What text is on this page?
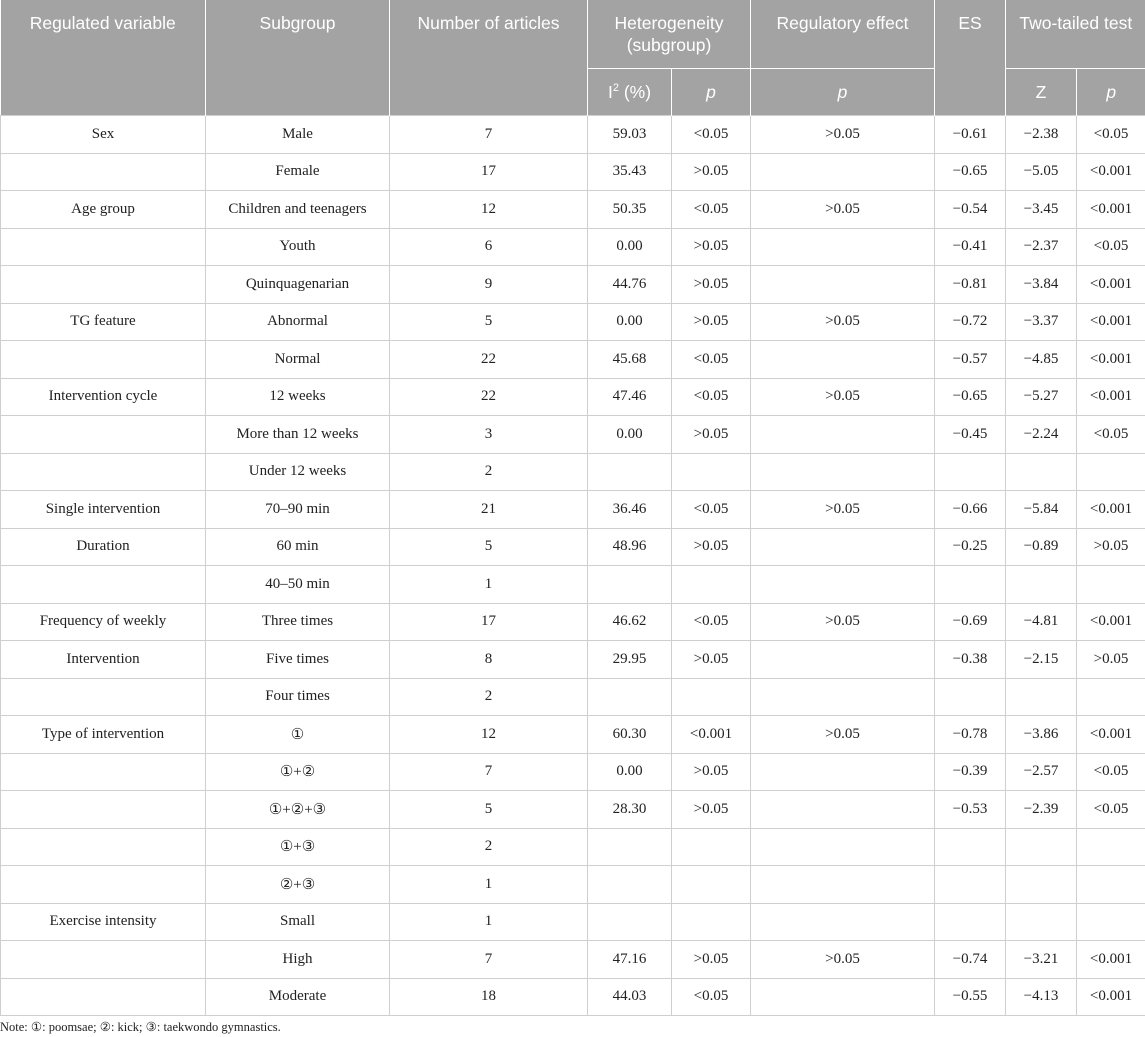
Regulated variable	Subgroup	Number of articles	Heterogeneity (subgroup)		Regulatory effect	ES	Two-tailed test	
			$I^2$ (%)	p	p		Z	p
Sex	Male	7	59.03	<0.05	>0.05	−0.61	−2.38	<0.05
	Female	17	35.43	>0.05		−0.65	−5.05	<0.001
Age group	Children and teenagers	12	50.35	<0.05	>0.05	−0.54	−3.45	<0.001
	Youth	6	0.00	>0.05		−0.41	−2.37	<0.05
	Quinquagenarian	9	44.76	>0.05		−0.81	−3.84	<0.001
TG feature	Abnormal	5	0.00	>0.05	>0.05	−0.72	−3.37	<0.001
	Normal	22	45.68	<0.05		−0.57	−4.85	<0.001
Intervention cycle	12 weeks	22	47.46	<0.05	>0.05	−0.65	−5.27	<0.001
	More than 12 weeks	3	0.00	>0.05		−0.45	−2.24	<0.05
	Under 12 weeks	2						
Single intervention	70–90 min	21	36.46	<0.05	>0.05	−0.66	−5.84	<0.001
Duration	60 min	5	48.96	>0.05		−0.25	−0.89	>0.05
	40–50 min	1						
Frequency of weekly	Three times	17	46.62	<0.05	>0.05	−0.69	−4.81	<0.001
Intervention	Five times	8	29.95	>0.05		−0.38	−2.15	>0.05
	Four times	2						
Type of intervention	①	12	60.30	<0.001	>0.05	−0.78	−3.86	<0.001
	①+②	7	0.00	>0.05		−0.39	−2.57	<0.05
	①+②+③	5	28.30	>0.05		−0.53	−2.39	<0.05
	①+③	2						
	②+③	1						
Exercise intensity	Small	1						
	High	7	47.16	>0.05	>0.05	−0.74	−3.21	<0.001
	Moderate	18	44.03	<0.05		−0.55	−4.13	<0.001
Note: ①: poomsae; ②: kick; ③: taekwondo gymnastics.
